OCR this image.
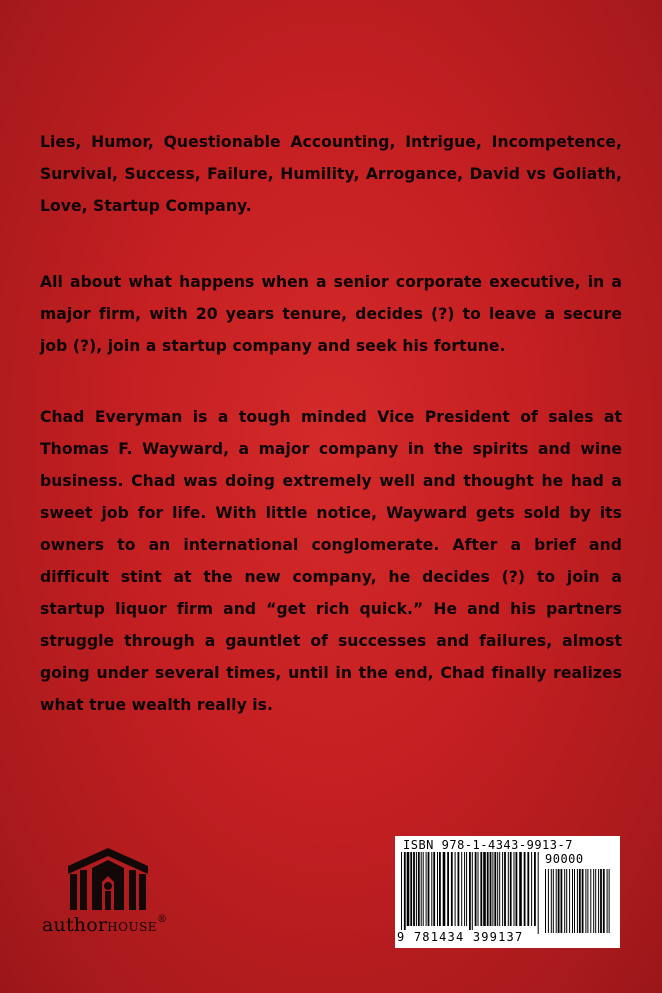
Lies, Humor, Questionable Accounting, Intrigue, Incompetence, Survival, Success, Failure, Humility, Arrogance, David vs Goliath, Love, Startup Company.

All about what happens when a senior corporate executive, in a major firm, with 20 years tenure, decides (?) to leave a secure job (?), join a startup company and seek his fortune.

Chad Everyman is a tough minded Vice President of sales at Thomas F. Wayward, a major company in the spirits and wine business. Chad was doing extremely well and thought he had a sweet job for life. With little notice, Wayward gets sold by its owners to an international conglomerate. After a brief and difficult stint at the new company, he decides (?) to join a startup liquor firm and “get rich quick.” He and his partners struggle through a gauntlet of successes and failures, almost going under several times, until in the end, Chad finally realizes what true wealth really is.

authorHOUSE®
ISBN 978-1-4343-9913-7
90000
9 781434 399137
